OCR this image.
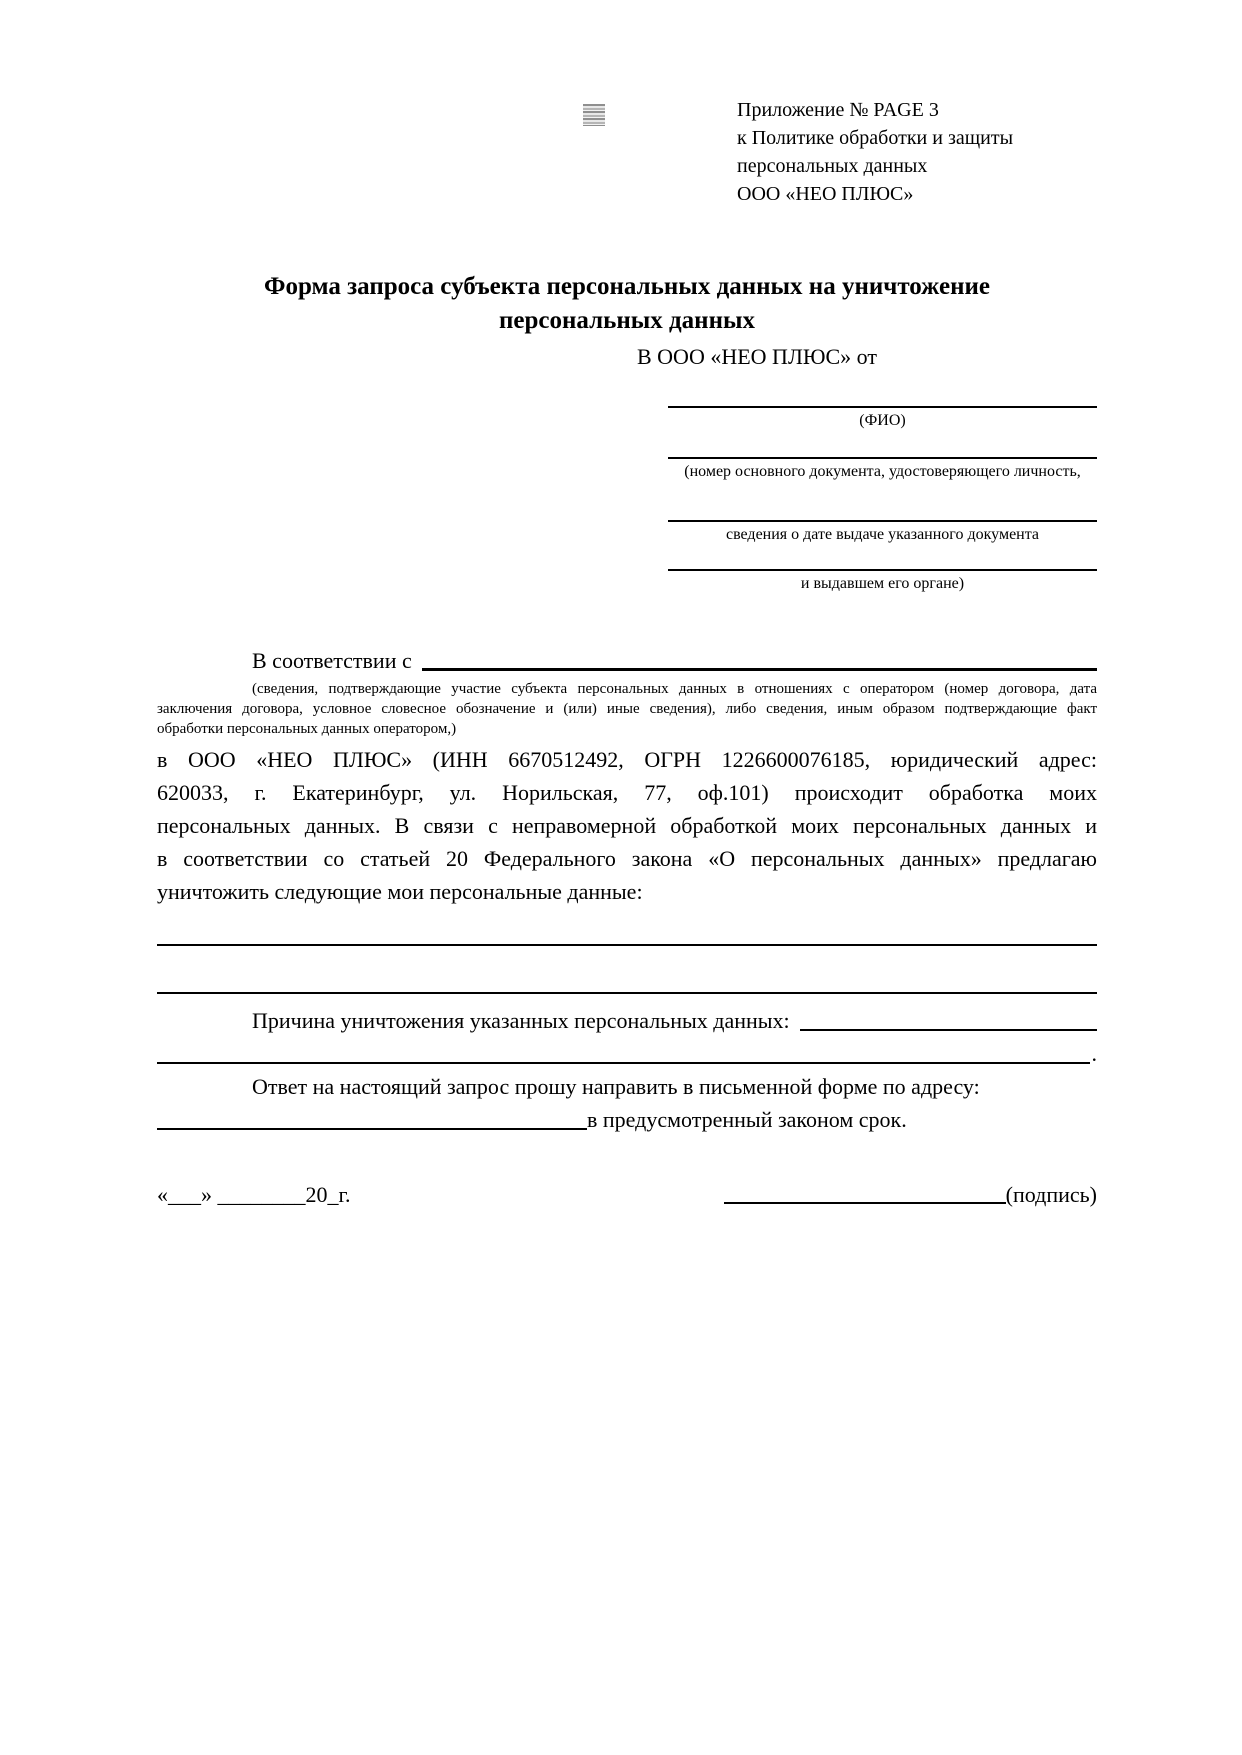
Приложение № PAGE 3
к Политике обработки и защиты
персональных данных
ООО «НЕО ПЛЮС»
Форма запроса субъекта персональных данных на уничтожение
персональных данных
В ООО «НЕО ПЛЮС» от
(ФИО)
(номер основного документа, удостоверяющего личность,
сведения о дате выдаче указанного документа
и выдавшем его органе)
В соответствии с
(сведения, подтверждающие участие субъекта персональных данных в отношениях с оператором (номер договора, дата
заключения договора, условное словесное обозначение и (или) иные сведения), либо сведения, иным образом подтверждающие факт
обработки персональных данных оператором,)
в ООО «НЕО ПЛЮС» (ИНН 6670512492, ОГРН 1226600076185, юридический адрес:
620033, г. Екатеринбург, ул. Норильская, 77, оф.101) происходит обработка моих
персональных данных. В связи с неправомерной обработкой моих персональных данных и
в соответствии со статьей 20 Федерального закона «О персональных данных» предлагаю
уничтожить следующие мои персональные данные:
Причина уничтожения указанных персональных данных:
.
Ответ на настоящий запрос прошу направить в письменной форме по адресу:
в предусмотренный законом срок.
«___» ________20_г.	(подпись)
